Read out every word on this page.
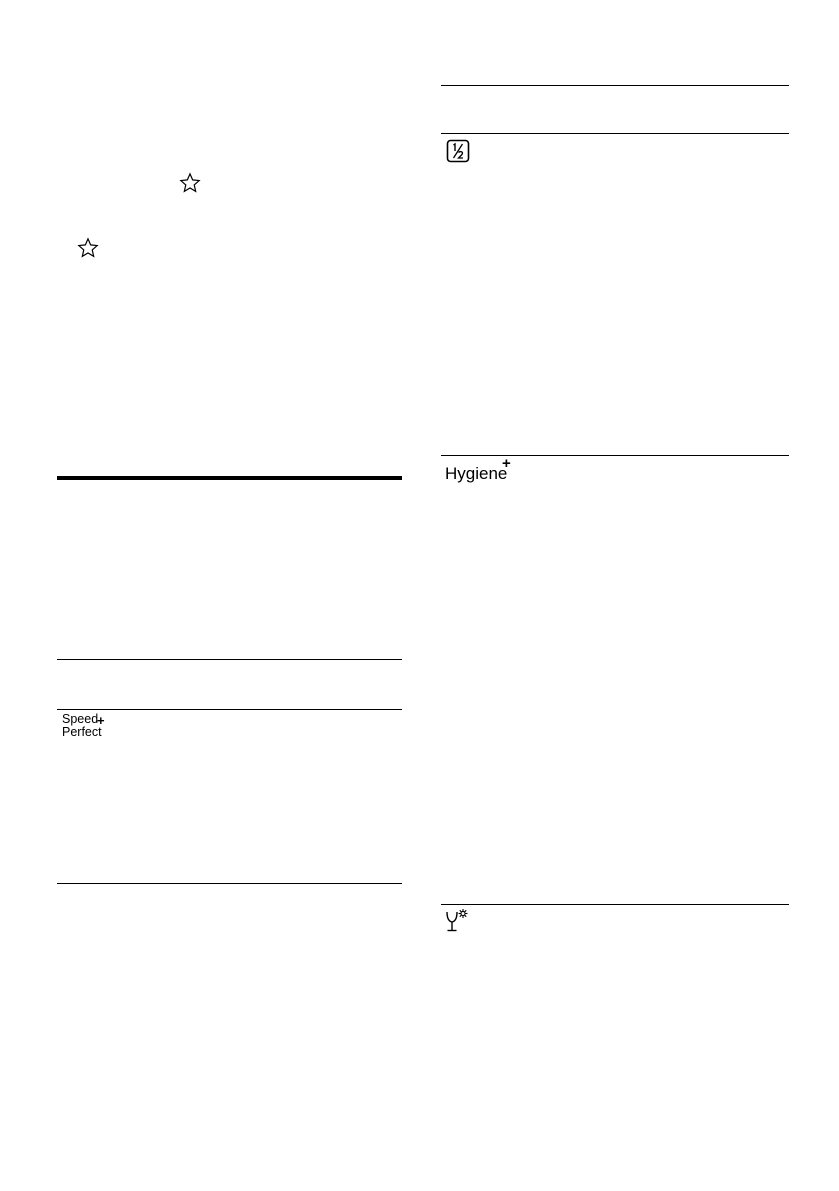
Speed
Perfect
+
Hygiene
+
